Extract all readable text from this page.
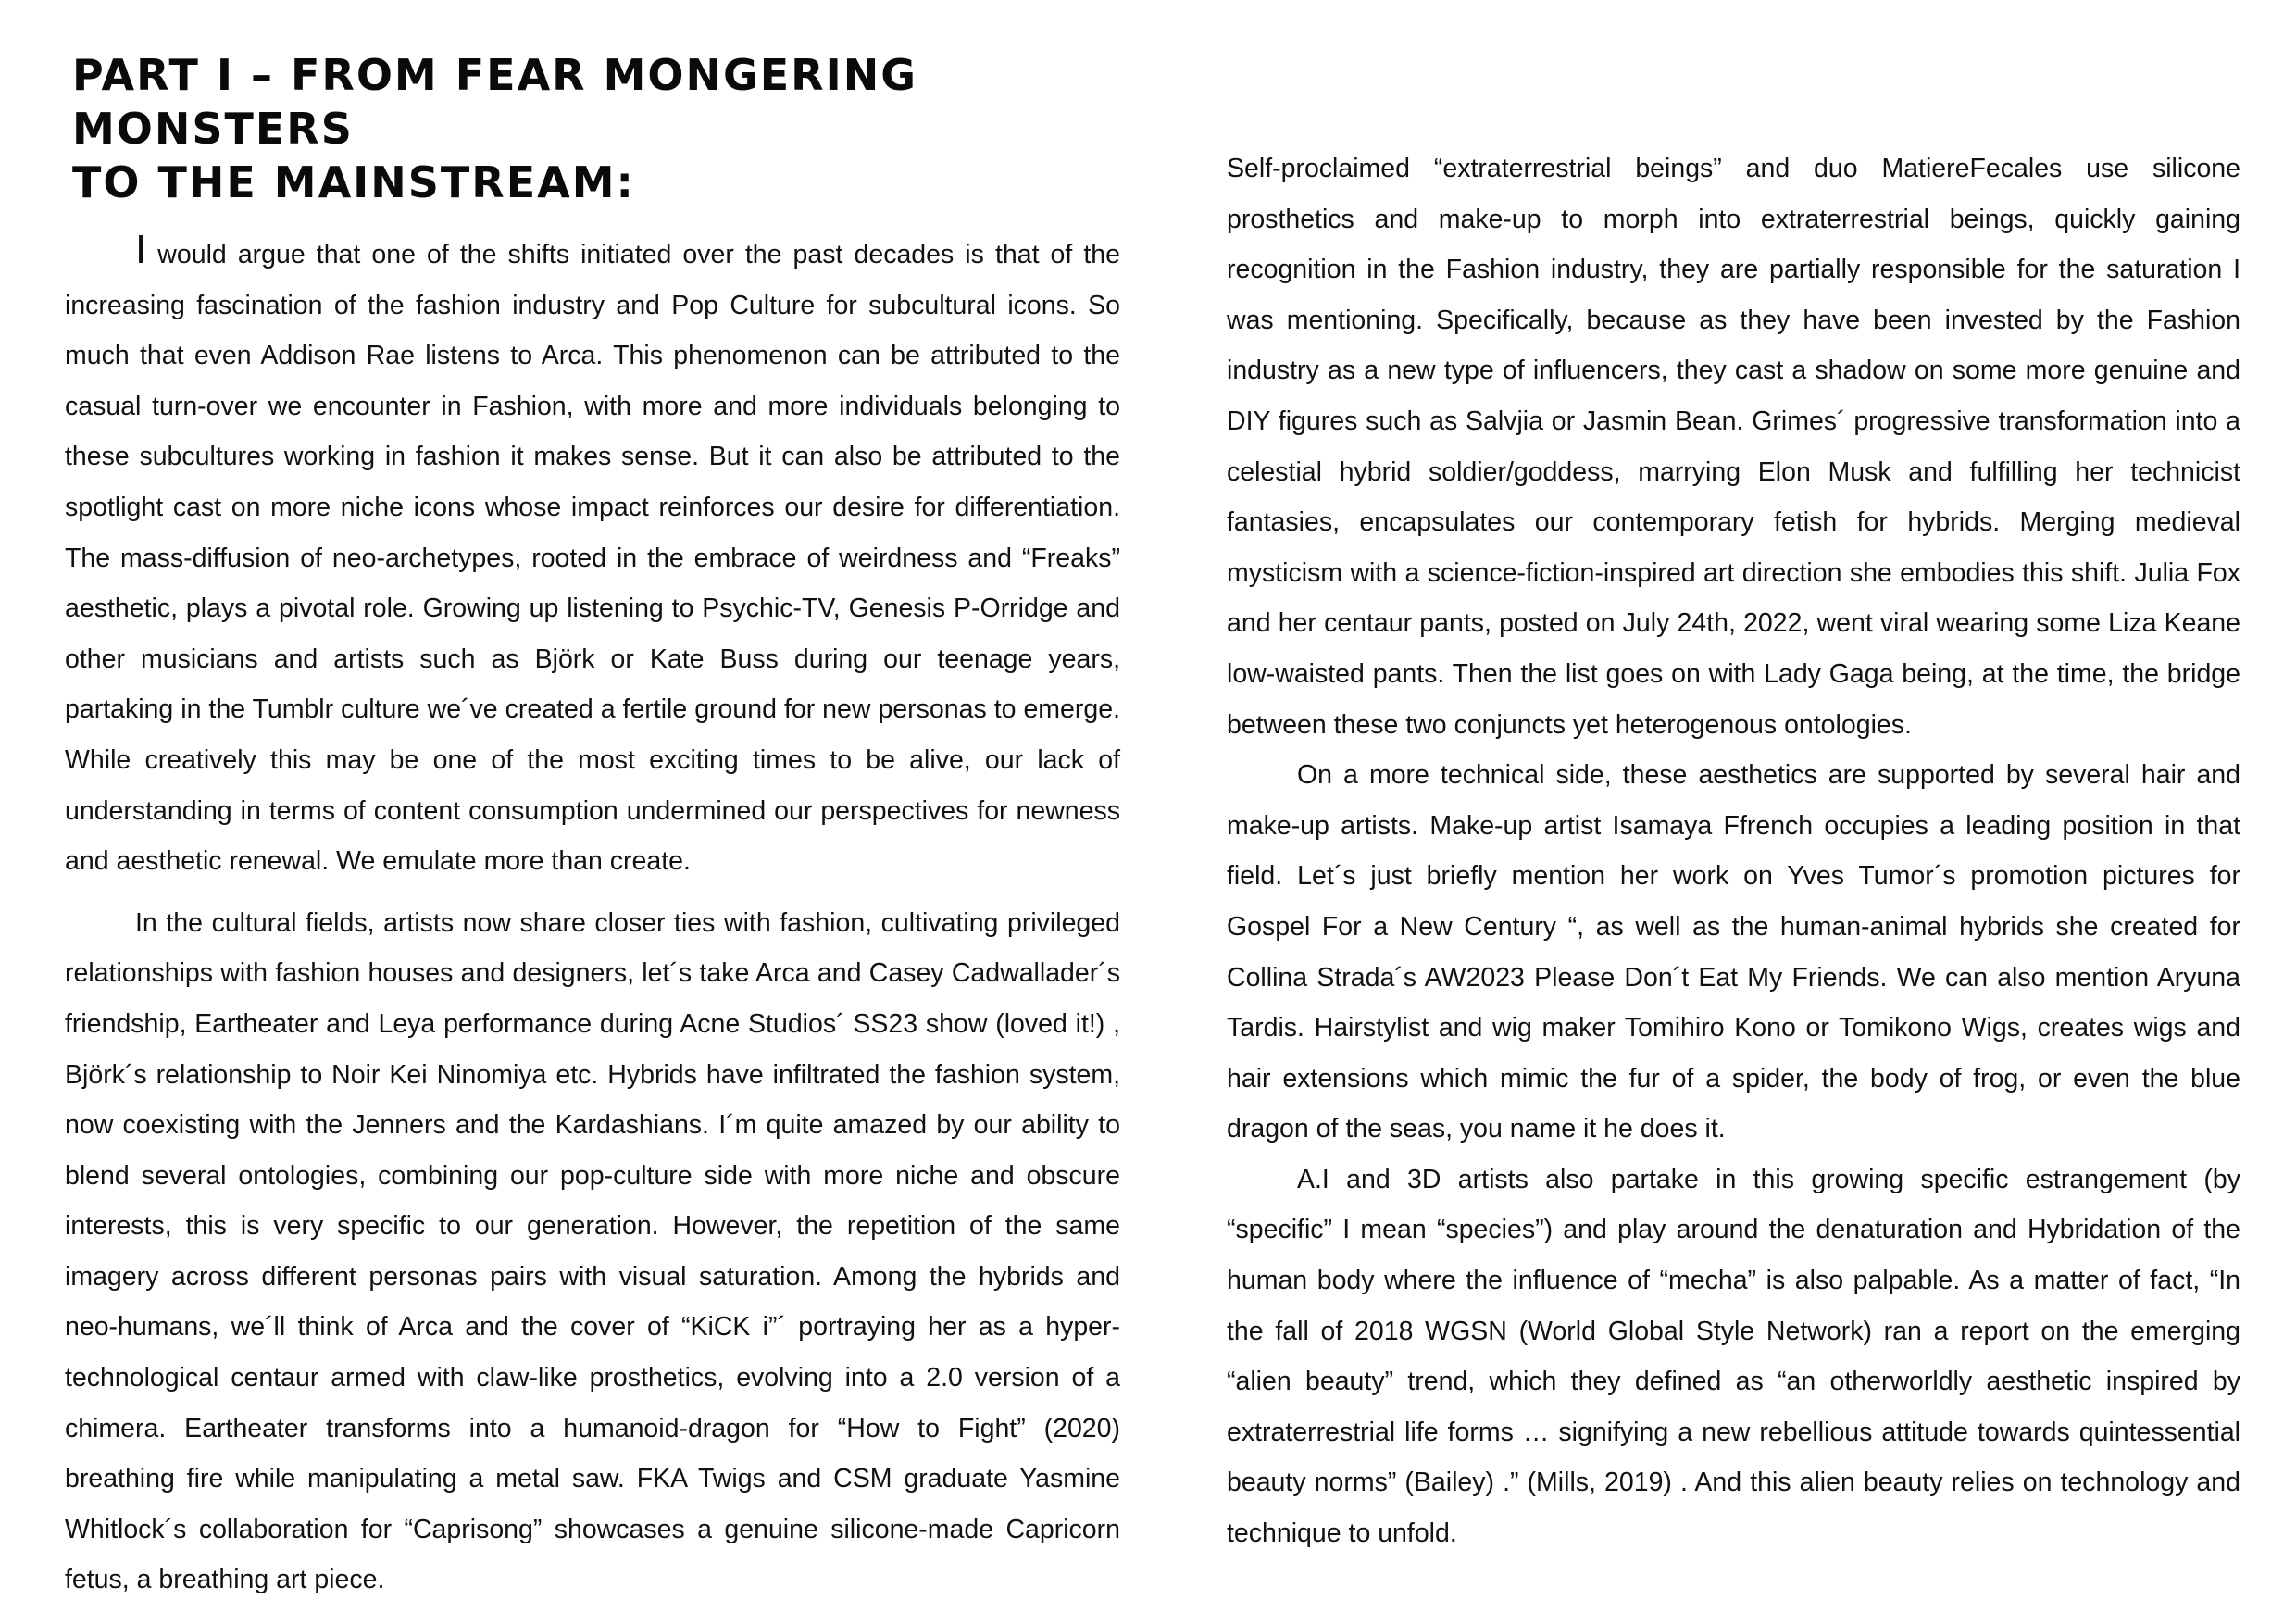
PART I – FROM FEAR MONGERING MONSTERS
TO THE MAINSTREAM:

I would argue that one of the shifts initiated over the past decades is that of the increasing fascination of the fashion industry and Pop Culture for subcultural icons. So much that even Addison Rae listens to Arca. This phenomenon can be attributed to the casual turn-over we encounter in Fashion, with more and more individuals belonging to these subcultures working in fashion it makes sense. But it can also be attributed to the spotlight cast on more niche icons whose impact reinforces our desire for differentiation. The mass-diffusion of neo-archetypes, rooted in the embrace of weirdness and “Freaks” aesthetic, plays a pivotal role. Growing up listening to Psychic-TV, Genesis P-Orridge and other musicians and artists such as Björk or Kate Buss during our teenage years, partaking in the Tumblr culture we´ve created a fertile ground for new personas to emerge. While creatively this may be one of the most exciting times to be alive, our lack of understanding in terms of content consumption undermined our perspectives for newness and aesthetic renewal. We emulate more than create.

In the cultural fields, artists now share closer ties with fashion, cultivating privileged relationships with fashion houses and designers, let´s take Arca and Casey Cadwallader´s friendship, Eartheater and Leya performance during Acne Studios´ SS23 show (loved it!) , Björk´s relationship to Noir Kei Ninomiya etc. Hybrids have infiltrated the fashion system, now coexisting with the Jenners and the Kardashians. I´m quite amazed by our ability to blend several ontologies, combining our pop-culture side with more niche and obscure interests, this is very specific to our generation. However, the repetition of the same imagery across different personas pairs with visual saturation. Among the hybrids and neo-humans, we´ll think of Arca and the cover of “KiCK i”´ portraying her as a hyper-technological centaur armed with claw-like prosthetics, evolving into a 2.0 version of a chimera. Eartheater transforms into a humanoid-dragon for “How to Fight” (2020) breathing fire while manipulating a metal saw. FKA Twigs and CSM graduate Yasmine Whitlock´s collaboration for “Caprisong” showcases a genuine silicone-made Capricorn fetus, a breathing art piece.

Self-proclaimed “extraterrestrial beings” and duo MatiereFecales use silicone prosthetics and make-up to morph into extraterrestrial beings, quickly gaining recognition in the Fashion industry, they are partially responsible for the saturation I was mentioning. Specifically, because as they have been invested by the Fashion industry as a new type of influencers, they cast a shadow on some more genuine and DIY figures such as Salvjia or Jasmin Bean. Grimes´ progressive transformation into a celestial hybrid soldier/goddess, marrying Elon Musk and fulfilling her technicist fantasies, encapsulates our contemporary fetish for hybrids. Merging medieval mysticism with a science-fiction-inspired art direction she embodies this shift. Julia Fox and her centaur pants, posted on July 24th, 2022, went viral wearing some Liza Keane low-waisted pants. Then the list goes on with Lady Gaga being, at the time, the bridge between these two conjuncts yet heterogenous ontologies.

On a more technical side, these aesthetics are supported by several hair and make-up artists. Make-up artist Isamaya Ffrench occupies a leading position in that field. Let´s just briefly mention her work on Yves Tumor´s promotion pictures for Gospel For a New Century “, as well as the human-animal hybrids she created for Collina Strada´s AW2023 Please Don´t Eat My Friends. We can also mention Aryuna Tardis. Hairstylist and wig maker Tomihiro Kono or Tomikono Wigs, creates wigs and hair extensions which mimic the fur of a spider, the body of frog, or even the blue dragon of the seas, you name it he does it.

A.I and 3D artists also partake in this growing specific estrangement (by “specific” I mean “species”) and play around the denaturation and Hybridation of the human body where the influence of “mecha” is also palpable. As a matter of fact, “In the fall of 2018 WGSN (World Global Style Network) ran a report on the emerging “alien beauty” trend, which they defined as “an otherworldly aesthetic inspired by extraterrestrial life forms … signifying a new rebellious attitude towards quintessential beauty norms” (Bailey) .” (Mills, 2019) . And this alien beauty relies on technology and technique to unfold.
